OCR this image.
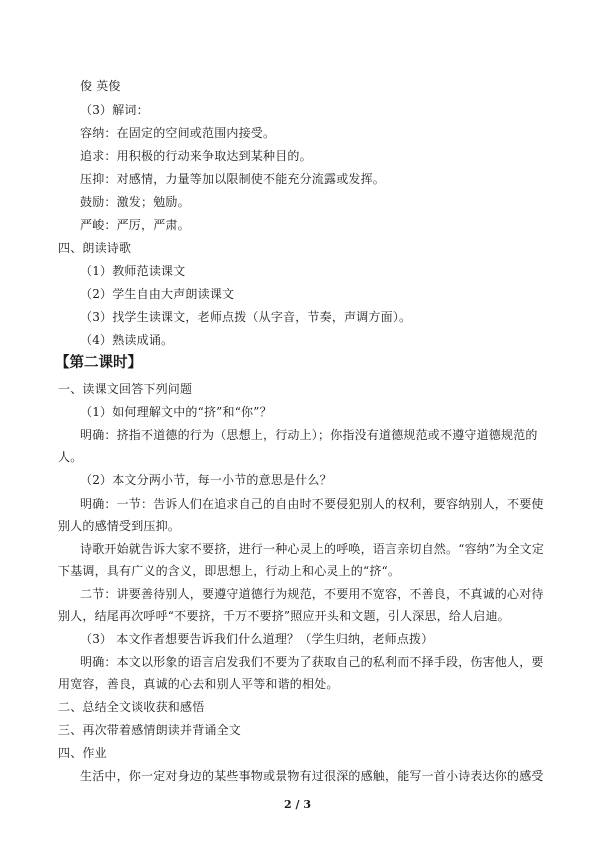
俊 英俊
（3）解词：
容纳：在固定的空间或范围内接受。
追求：用积极的行动来争取达到某种目的。
压抑：对感情，力量等加以限制使不能充分流露或发挥。
鼓励：激发；勉励。
严峻：严厉，严肃。
四、朗读诗歌
（1）教师范读课文
（2）学生自由大声朗读课文
（3）找学生读课文，老师点拨（从字音，节奏，声调方面）。
（4）熟读成诵。
【第二课时】
一、读课文回答下列问题
（1）如何理解文中的“挤”和“你”？
明确：挤指不道德的行为（思想上，行动上）；你指没有道德规范或不遵守道德规范的
人。
（2）本文分两小节，每一小节的意思是什么？
明确：一节：告诉人们在追求自己的自由时不要侵犯别人的权利，要容纳别人，不要使
别人的感情受到压抑。
诗歌开始就告诉大家不要挤，进行一种心灵上的呼唤，语言亲切自然。“容纳”为全文定
下基调，具有广义的含义，即思想上，行动上和心灵上的“挤“。
二节：讲要善待别人，要遵守道德行为规范，不要用不宽容，不善良，不真诚的心对待
别人，结尾再次呼呼“不要挤，千万不要挤”照应开头和文题，引人深思，给人启迪。
（3） 本文作者想要告诉我们什么道理？（学生归纳，老师点拨）
明确：本文以形象的语言启发我们不要为了获取自己的私利而不择手段，伤害他人，要
用宽容，善良，真诚的心去和别人平等和谐的相处。
二、总结全文谈收获和感悟
三、再次带着感情朗读并背诵全文
四、作业
生活中，你一定对身边的某些事物或景物有过很深的感触，能写一首小诗表达你的感受
2 / 3
